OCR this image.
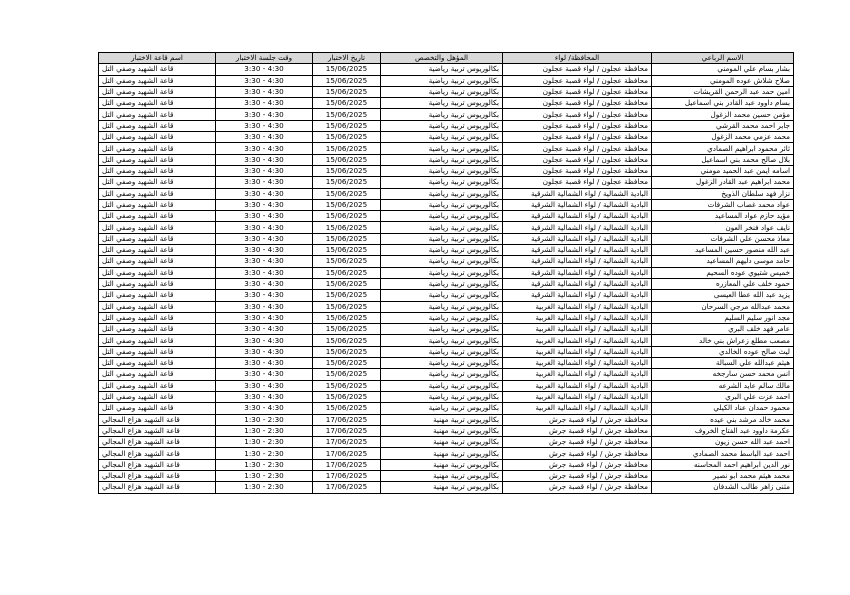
الاسم الرباعي	المحافظة/ لواء	المؤهل والتخصص	تاريخ الاختبار	وقت جلسة الاختبار	اسم قاعة الاختبار
بشار بسام علي المومني	محافظة عجلون / لواء قصبة عجلون	بكالوريوس تربية رياضية	15/06/2025	3:30 - 4:30	قاعة الشهيد وصفي التل
صلاح شلاش عوده المومني	محافظة عجلون / لواء قصبة عجلون	بكالوريوس تربية رياضية	15/06/2025	3:30 - 4:30	قاعة الشهيد وصفي التل
امين حمد عبد الرحمن القريشات	محافظة عجلون / لواء قصبة عجلون	بكالوريوس تربية رياضية	15/06/2025	3:30 - 4:30	قاعة الشهيد وصفي التل
بسام داوود عبد القادر بني اسماعيل	محافظة عجلون / لواء قصبة عجلون	بكالوريوس تربية رياضية	15/06/2025	3:30 - 4:30	قاعة الشهيد وصفي التل
مؤمن حسين محمد الزغول	محافظة عجلون / لواء قصبة عجلون	بكالوريوس تربية رياضية	15/06/2025	3:30 - 4:30	قاعة الشهيد وصفي التل
جابر احمد محمد القرشي	محافظة عجلون / لواء قصبة عجلون	بكالوريوس تربية رياضية	15/06/2025	3:30 - 4:30	قاعة الشهيد وصفي التل
محمد عزمي محمد الزغول	محافظة عجلون / لواء قصبة عجلون	بكالوريوس تربية رياضية	15/06/2025	3:30 - 4:30	قاعة الشهيد وصفي التل
ثائر محمود ابراهيم الصمادي	محافظة عجلون / لواء قصبة عجلون	بكالوريوس تربية رياضية	15/06/2025	3:30 - 4:30	قاعة الشهيد وصفي التل
بلال صالح محمد بني اسماعيل	محافظة عجلون / لواء قصبة عجلون	بكالوريوس تربية رياضية	15/06/2025	3:30 - 4:30	قاعة الشهيد وصفي التل
اسامه ايمن عبد الحميد مومني	محافظة عجلون / لواء قصبة عجلون	بكالوريوس تربية رياضية	15/06/2025	3:30 - 4:30	قاعة الشهيد وصفي التل
محمد ابراهيم عبد القادر الزغول	محافظة عجلون / لواء قصبة عجلون	بكالوريوس تربية رياضية	15/06/2025	3:30 - 4:30	قاعة الشهيد وصفي التل
نزار فهد سلطان الذويخ	البادية الشمالية / لواء الشمالية الشرقية	بكالوريوس تربية رياضية	15/06/2025	3:30 - 4:30	قاعة الشهيد وصفي التل
عواد محمد غصاب الشرفات	البادية الشمالية / لواء الشمالية الشرقية	بكالوريوس تربية رياضية	15/06/2025	3:30 - 4:30	قاعة الشهيد وصفي التل
مؤيد حازم عواد المساعيد	البادية الشمالية / لواء الشمالية الشرقية	بكالوريوس تربية رياضية	15/06/2025	3:30 - 4:30	قاعة الشهيد وصفي التل
نايف عواد فنخر العون	البادية الشمالية / لواء الشمالية الشرقية	بكالوريوس تربية رياضية	15/06/2025	3:30 - 4:30	قاعة الشهيد وصفي التل
معاذ محسن علي الشرفات	البادية الشمالية / لواء الشمالية الشرقية	بكالوريوس تربية رياضية	15/06/2025	3:30 - 4:30	قاعة الشهيد وصفي التل
عبد الله منصور حسين المساعيد	البادية الشمالية / لواء الشمالية الشرقية	بكالوريوس تربية رياضية	15/06/2025	3:30 - 4:30	قاعة الشهيد وصفي التل
حامد موسى دليهم المساعيد	البادية الشمالية / لواء الشمالية الشرقية	بكالوريوس تربية رياضية	15/06/2025	3:30 - 4:30	قاعة الشهيد وصفي التل
خميس شتيوي عوده السحيم	البادية الشمالية / لواء الشمالية الشرقية	بكالوريوس تربية رياضية	15/06/2025	3:30 - 4:30	قاعة الشهيد وصفي التل
حمود خلف علي المعازره	البادية الشمالية / لواء الشمالية الشرقية	بكالوريوس تربية رياضية	15/06/2025	3:30 - 4:30	قاعة الشهيد وصفي التل
يزيد عبد الله عطا العيسى	البادية الشمالية / لواء الشمالية الشرقية	بكالوريوس تربية رياضية	15/06/2025	3:30 - 4:30	قاعة الشهيد وصفي التل
محمد عبدالله مرجي السرحان	البادية الشمالية / لواء الشمالية الغربية	بكالوريوس تربية رياضية	15/06/2025	3:30 - 4:30	قاعة الشهيد وصفي التل
مجد انور سليم السليم	البادية الشمالية / لواء الشمالية الغربية	بكالوريوس تربية رياضية	15/06/2025	3:30 - 4:30	قاعة الشهيد وصفي التل
عامر فهد خلف البري	البادية الشمالية / لواء الشمالية الغربية	بكالوريوس تربية رياضية	15/06/2025	3:30 - 4:30	قاعة الشهيد وصفي التل
مصعب مطلع زعراش بني خالد	البادية الشمالية / لواء الشمالية الغربية	بكالوريوس تربية رياضية	15/06/2025	3:30 - 4:30	قاعة الشهيد وصفي التل
ليث صالح عوده الخالدي	البادية الشمالية / لواء الشمالية الغربية	بكالوريوس تربية رياضية	15/06/2025	3:30 - 4:30	قاعة الشهيد وصفي التل
هيثم عبدالله علي السبالة	البادية الشمالية / لواء الشمالية الغربية	بكالوريوس تربية رياضية	15/06/2025	3:30 - 4:30	قاعة الشهيد وصفي التل
انس محمد حسن سارجخه	البادية الشمالية / لواء الشمالية الغربية	بكالوريوس تربية رياضية	15/06/2025	3:30 - 4:30	قاعة الشهيد وصفي التل
مالك سالم عايد الشرعه	البادية الشمالية / لواء الشمالية الغربية	بكالوريوس تربية رياضية	15/06/2025	3:30 - 4:30	قاعة الشهيد وصفي التل
احمد عزت علي البري	البادية الشمالية / لواء الشمالية الغربية	بكالوريوس تربية رياضية	15/06/2025	3:30 - 4:30	قاعة الشهيد وصفي التل
محمود حمدان عناد الكيلي	البادية الشمالية / لواء الشمالية الغربية	بكالوريوس تربية رياضية	15/06/2025	3:30 - 4:30	قاعة الشهيد وصفي التل
محمد خالد مرشد بني عيده	محافظة جرش / لواء قصبة جرش	بكالوريوس تربية مهنية	17/06/2025	1:30 - 2:30	قاعة الشهيد هزاع المجالي
عكرمة داوود عبد الفتاح الخروف	محافظة جرش / لواء قصبة جرش	بكالوريوس تربية مهنية	17/06/2025	1:30 - 2:30	قاعة الشهيد هزاع المجالي
احمد عبد الله حسن زيون	محافظة جرش / لواء قصبة جرش	بكالوريوس تربية مهنية	17/06/2025	1:30 - 2:30	قاعة الشهيد هزاع المجالي
احمد عبد الباسط محمد الصمادي	محافظة جرش / لواء قصبة جرش	بكالوريوس تربية مهنية	17/06/2025	1:30 - 2:30	قاعة الشهيد هزاع المجالي
نور الدين ابراهيم احمد المحاسنه	محافظة جرش / لواء قصبة جرش	بكالوريوس تربية مهنية	17/06/2025	1:30 - 2:30	قاعة الشهيد هزاع المجالي
محمد هيثم محمد ابو نصير	محافظة جرش / لواء قصبة جرش	بكالوريوس تربية مهنية	17/06/2025	1:30 - 2:30	قاعة الشهيد هزاع المجالي
مثنى زاهر طالب الشدفان	محافظة جرش / لواء قصبة جرش	بكالوريوس تربية مهنية	17/06/2025	1:30 - 2:30	قاعة الشهيد هزاع المجالي
